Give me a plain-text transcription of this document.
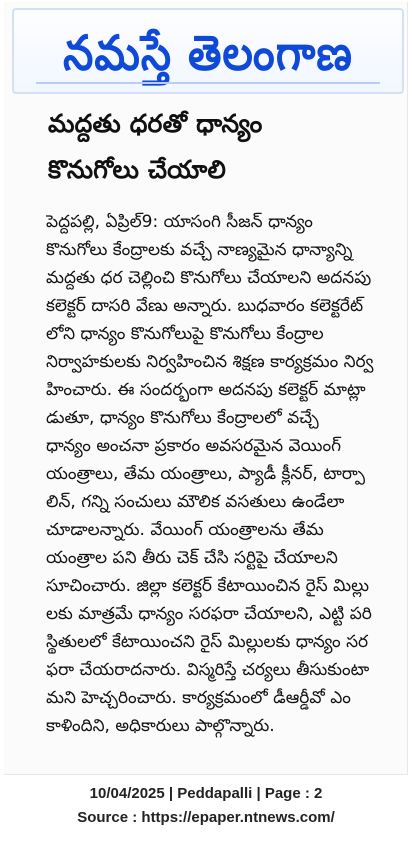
నమస్తే తెలంగాణ
మద్దతు ధరతో ధాన్యం
కొనుగోలు చేయాలి
పెద్దపల్లి, ఏప్రిల్9: యాసంగి సీజన్ ధాన్యం
కొనుగోలు కేంద్రాలకు వచ్చే నాణ్యమైన ధాన్యాన్ని
మద్దతు ధర చెల్లించి కొనుగోలు చేయాలని అదనపు
కలెక్టర్ దాసరి వేణు అన్నారు. బుధవారం కలెక్టరేట్
లోని ధాన్యం కొనుగోలుపై కొనుగోలు కేంద్రాల
నిర్వాహకులకు నిర్వహించిన శిక్షణ కార్యక్రమం నిర్వ
హించారు. ఈ సందర్భంగా అదనపు కలెక్టర్ మాట్లా
డుతూ, ధాన్యం కొనుగోలు కేంద్రాలలో వచ్చే
ధాన్యం అంచనా ప్రకారం అవసరమైన వెయింగ్
యంత్రాలు, తేమ యంత్రాలు, ప్యాడీ క్లీనర్, టార్పా
లిన్, గన్ని సంచులు మౌలిక వసతులు ఉండేలా
చూడాలన్నారు. వేయింగ్ యంత్రాలను తేమ
యంత్రాల పని తీరు చెక్ చేసి సర్టిపై చేయాలని
సూచించారు. జిల్లా కలెక్టర్ కేటాయించిన రైస్ మిల్లు
లకు మాత్రమే ధాన్యం సరఫరా చేయాలని, ఎట్టి పరి
స్థితులలో కేటాయించని రైస్ మిల్లులకు ధాన్యం సర
ఫరా చేయరాదనారు. విస్మరిస్తే చర్యలు తీసుకుంటా
మని హెచ్చరించారు. కార్యక్రమంలో డీఆర్డీవో ఎం
కాళిందిని, అధికారులు పాల్గొన్నారు.
10/04/2025 | Peddapalli | Page : 2
Source : https://epaper.ntnews.com/
